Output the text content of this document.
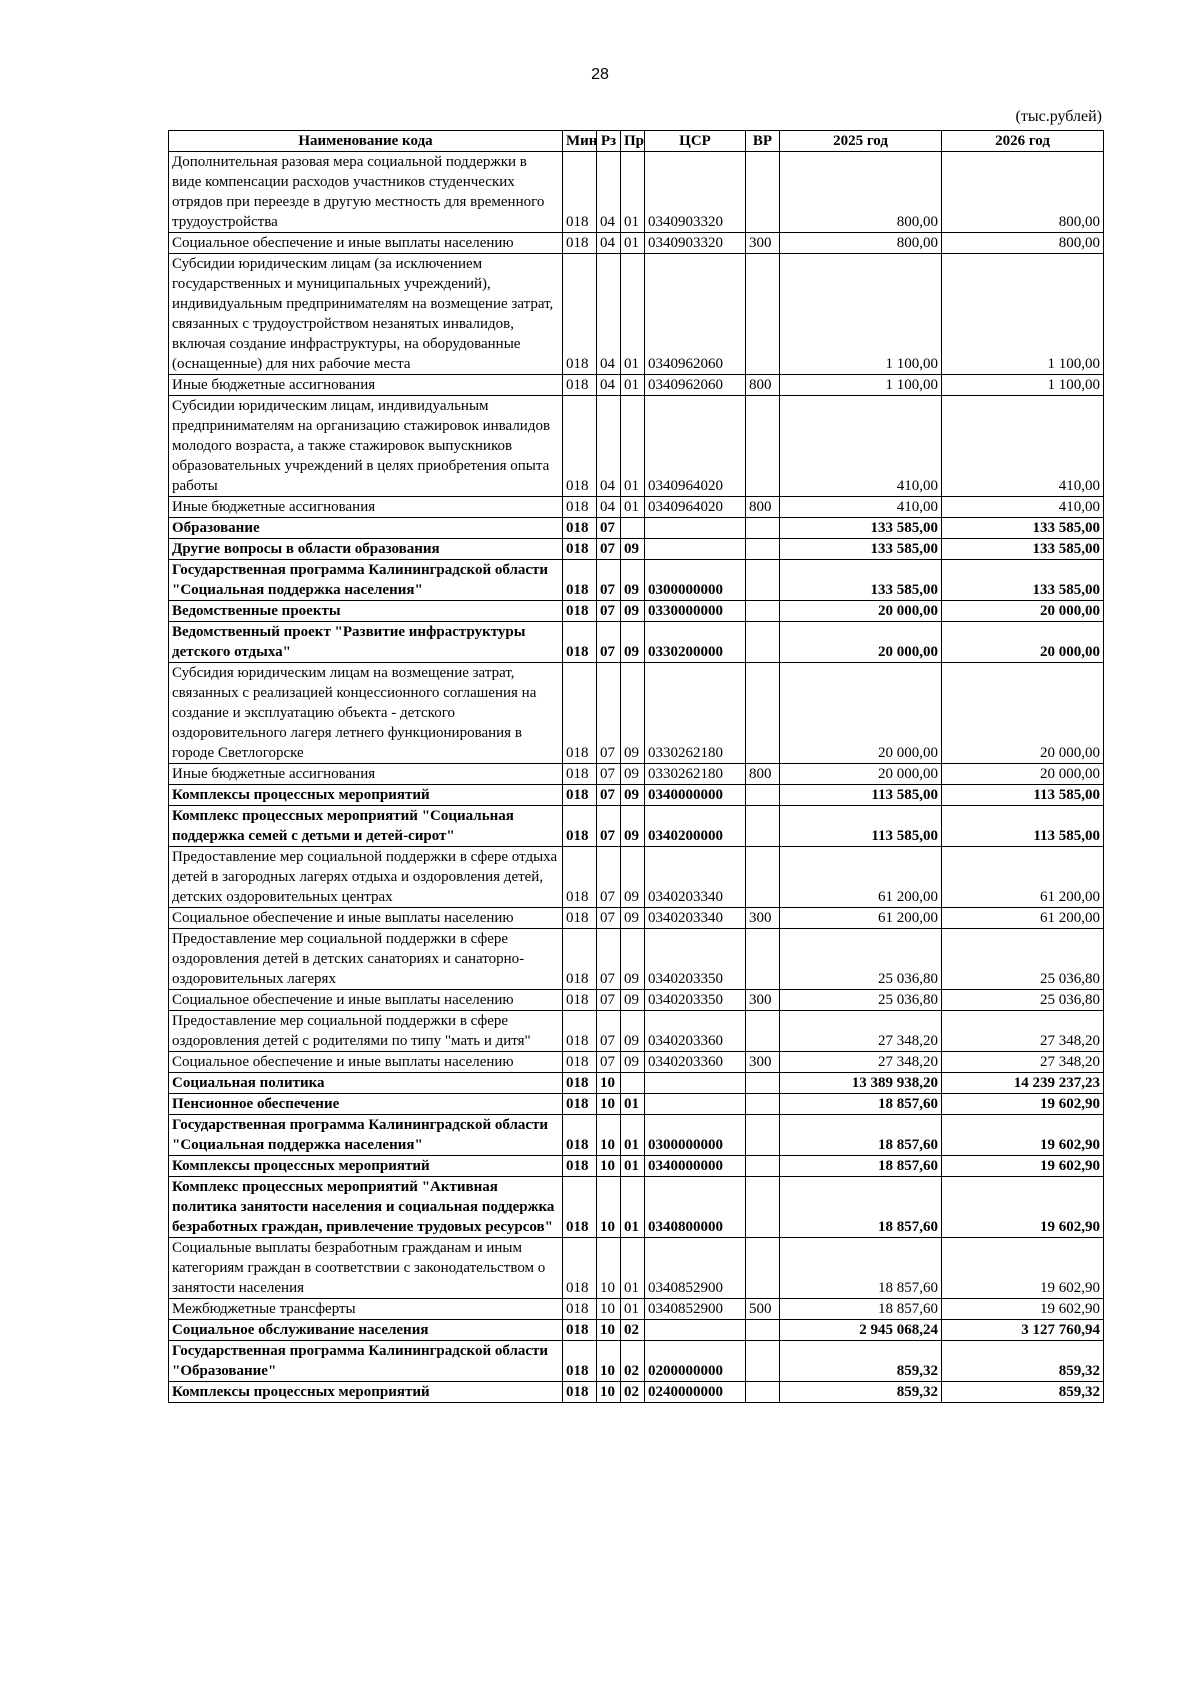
28
(тыс.рублей)
Наименование кода	Мин	Рз	Пр	ЦСР	ВР	2025 год	2026 год
Дополнительная разовая мера социальной поддержки в виде компенсации расходов участников студенческих отрядов при переезде в другую местность для временного трудоустройства	018	04	01	0340903320		800,00	800,00
Социальное обеспечение и иные выплаты населению	018	04	01	0340903320	300	800,00	800,00
Субсидии юридическим лицам (за исключением государственных и муниципальных учреждений), индивидуальным предпринимателям на возмещение затрат, связанных с трудоустройством незанятых инвалидов, включая создание инфраструктуры, на оборудованные (оснащенные) для них рабочие места	018	04	01	0340962060		1 100,00	1 100,00
Иные бюджетные ассигнования	018	04	01	0340962060	800	1 100,00	1 100,00
Субсидии юридическим лицам, индивидуальным предпринимателям на организацию стажировок инвалидов молодого возраста, а также стажировок выпускников образовательных учреждений в целях приобретения опыта работы	018	04	01	0340964020		410,00	410,00
Иные бюджетные ассигнования	018	04	01	0340964020	800	410,00	410,00
Образование	018	07				133 585,00	133 585,00
Другие вопросы в области образования	018	07	09			133 585,00	133 585,00
Государственная программа Калининградской области "Социальная поддержка населения"	018	07	09	0300000000		133 585,00	133 585,00
Ведомственные проекты	018	07	09	0330000000		20 000,00	20 000,00
Ведомственный проект "Развитие инфраструктуры детского отдыха"	018	07	09	0330200000		20 000,00	20 000,00
Субсидия юридическим лицам на возмещение затрат, связанных с реализацией концессионного соглашения на создание и эксплуатацию объекта - детского оздоровительного лагеря летнего функционирования в городе Светлогорске	018	07	09	0330262180		20 000,00	20 000,00
Иные бюджетные ассигнования	018	07	09	0330262180	800	20 000,00	20 000,00
Комплексы процессных мероприятий	018	07	09	0340000000		113 585,00	113 585,00
Комплекс процессных мероприятий "Социальная поддержка семей с детьми и детей-сирот"	018	07	09	0340200000		113 585,00	113 585,00
Предоставление мер социальной поддержки в сфере отдыха детей в загородных лагерях отдыха и оздоровления детей, детских оздоровительных центрах	018	07	09	0340203340		61 200,00	61 200,00
Социальное обеспечение и иные выплаты населению	018	07	09	0340203340	300	61 200,00	61 200,00
Предоставление мер социальной поддержки в сфере оздоровления детей в детских санаториях и санаторно-оздоровительных лагерях	018	07	09	0340203350		25 036,80	25 036,80
Социальное обеспечение и иные выплаты населению	018	07	09	0340203350	300	25 036,80	25 036,80
Предоставление мер социальной поддержки в сфере оздоровления детей с родителями по типу "мать и дитя"	018	07	09	0340203360		27 348,20	27 348,20
Социальное обеспечение и иные выплаты населению	018	07	09	0340203360	300	27 348,20	27 348,20
Социальная политика	018	10				13 389 938,20	14 239 237,23
Пенсионное обеспечение	018	10	01			18 857,60	19 602,90
Государственная программа Калининградской области "Социальная поддержка населения"	018	10	01	0300000000		18 857,60	19 602,90
Комплексы процессных мероприятий	018	10	01	0340000000		18 857,60	19 602,90
Комплекс процессных мероприятий "Активная политика занятости населения и социальная поддержка безработных граждан, привлечение трудовых ресурсов"	018	10	01	0340800000		18 857,60	19 602,90
Социальные выплаты безработным гражданам и иным категориям граждан в соответствии с законодательством о занятости населения	018	10	01	0340852900		18 857,60	19 602,90
Межбюджетные трансферты	018	10	01	0340852900	500	18 857,60	19 602,90
Социальное обслуживание населения	018	10	02			2 945 068,24	3 127 760,94
Государственная программа Калининградской области "Образование"	018	10	02	0200000000		859,32	859,32
Комплексы процессных мероприятий	018	10	02	0240000000		859,32	859,32
